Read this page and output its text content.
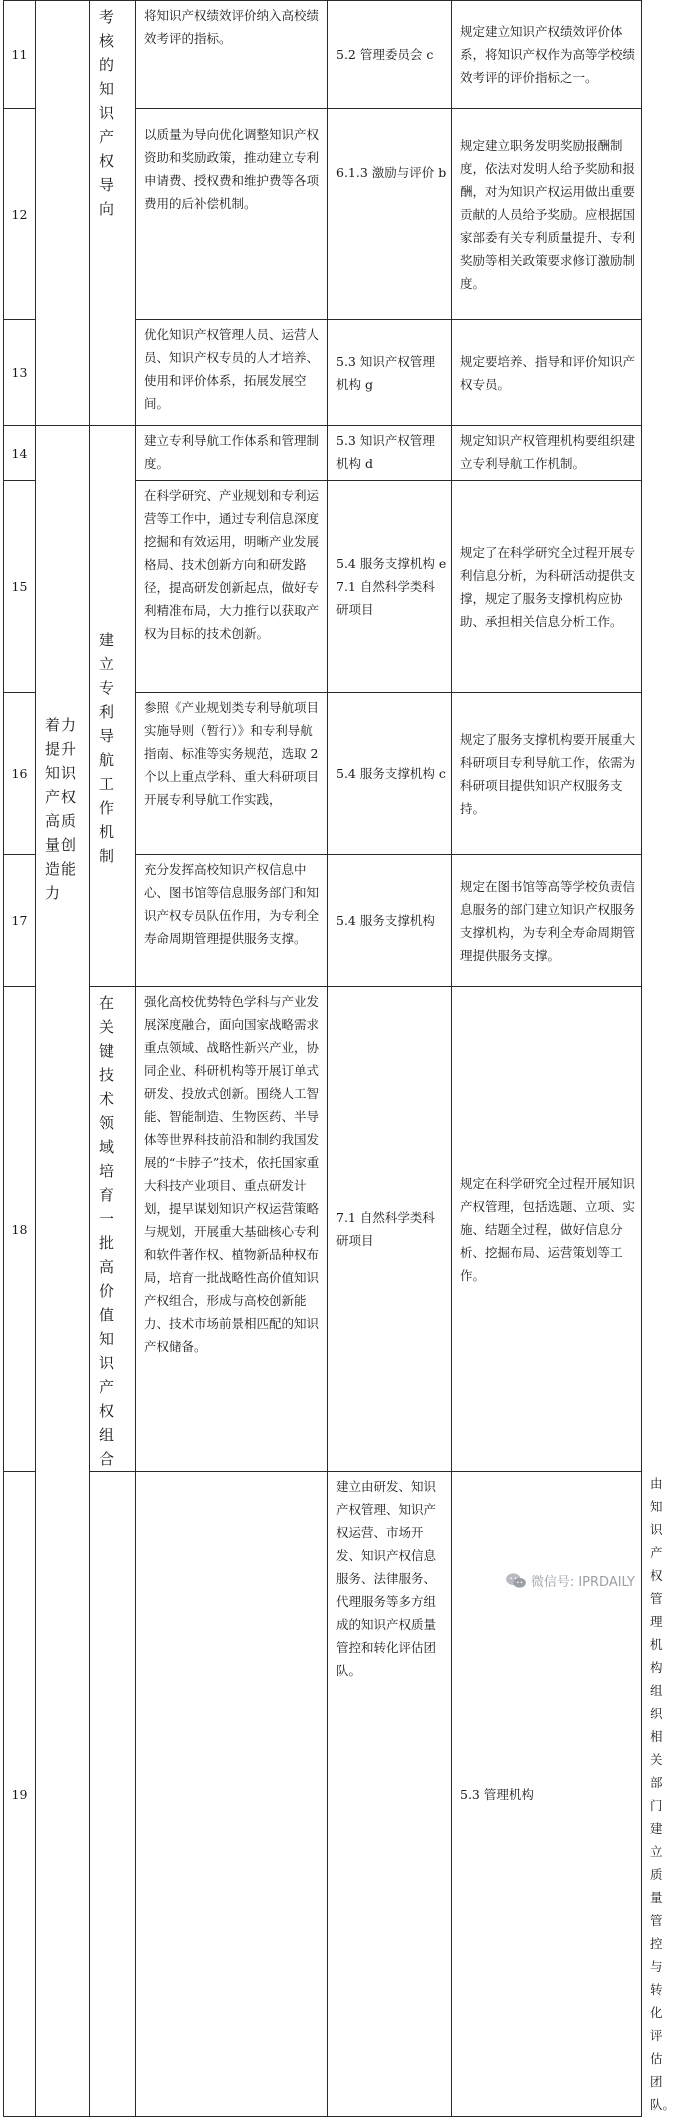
11		考核的知识产权导向	将知识产权绩效评价纳入高校绩效考评的指标。	5.2 管理委员会 c	规定建立知识产权绩效评价体系，将知识产权作为高等学校绩效考评的评价指标之一。	
12			以质量为导向优化调整知识产权资助和奖励政策，推动建立专利申请费、授权费和维护费等各项费用的后补偿机制。	6.1.3 激励与评价 b	规定建立职务发明奖励报酬制度，依法对发明人给予奖励和报酬，对为知识产权运用做出重要贡献的人员给予奖励。应根据国家部委有关专利质量提升、专利奖励等相关政策要求修订激励制度。	
13			优化知识产权管理人员、运营人员、知识产权专员的人才培养、使用和评价体系，拓展发展空间。	5.3 知识产权管理机构 g	规定要培养、指导和评价知识产权专员。	
14	着力提升知识产权高质量创造能力	建立专利导航工作机制	建立专利导航工作体系和管理制度。	5.3 知识产权管理机构 d	规定知识产权管理机构要组织建立专利导航工作机制。	
15			在科学研究、产业规划和专利运营等工作中，通过专利信息深度挖掘和有效运用，明晰产业发展格局、技术创新方向和研发路径，提高研发创新起点，做好专利精准布局，大力推行以获取产权为目标的技术创新。	5.4 服务支撑机构 e 7.1 自然科学类科研项目	规定了在科学研究全过程开展专利信息分析，为科研活动提供支撑，规定了服务支撑机构应协助、承担相关信息分析工作。	
16			参照《产业规划类专利导航项目实施导则（暂行）》和专利导航指南、标准等实务规范，选取 2 个以上重点学科、重大科研项目开展专利导航工作实践，	5.4 服务支撑机构 c	规定了服务支撑机构要开展重大科研项目专利导航工作，依需为科研项目提供知识产权服务支持。	
17			充分发挥高校知识产权信息中心、图书馆等信息服务部门和知识产权专员队伍作用，为专利全寿命周期管理提供服务支撑。	5.4 服务支撑机构	规定在图书馆等高等学校负责信息服务的部门建立知识产权服务支撑机构，为专利全寿命周期管理提供服务支撑。	
18		在关键技术领域培育一批高价值知识产权组合	强化高校优势特色学科与产业发展深度融合，面向国家战略需求重点领域、战略性新兴产业，协同企业、科研机构等开展订单式研发、投放式创新。围绕人工智能、智能制造、生物医药、半导体等世界科技前沿和制约我国发展的“卡脖子”技术，依托国家重大科技产业项目、重点研发计划，提早谋划知识产权运营策略与规划，开展重大基础核心专利和软件著作权、植物新品种权布局，培育一批战略性高价值知识产权组合，形成与高校创新能力、技术市场前景相匹配的知识产权储备。	7.1 自然科学类科研项目	规定在科学研究全过程开展知识产权管理，包括选题、立项、实施、结题全过程，做好信息分析、挖掘布局、运营策划等工作。	
19				建立由研发、知识产权管理、知识产权运营、市场开发、知识产权信息服务、法律服务、代理服务等多方组成的知识产权质量管控和转化评估团队。	5.3 管理机构	由知识产权管理机构组织相关部门建立质量管控与转化评估团队。
微信号: IPRDAILY
